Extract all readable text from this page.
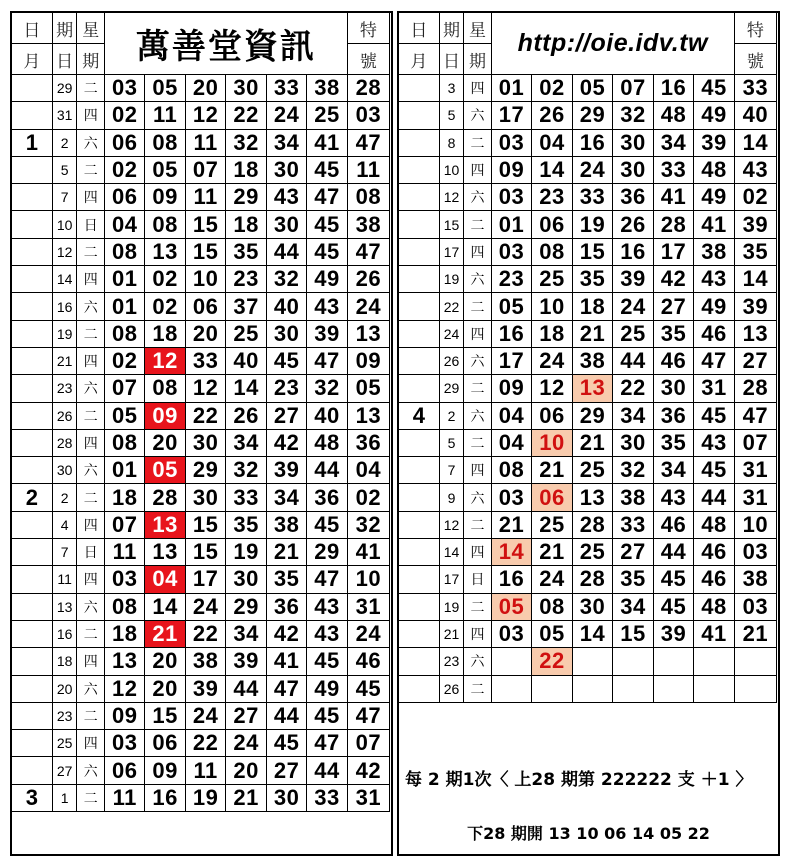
日	期	星	萬善堂資訊						特
月	日	期							號
	29	二	03	05	20	30	33	38	28
	31	四	02	11	12	22	24	25	03
1	2	六	06	08	11	32	34	41	47
	5	二	02	05	07	18	30	45	11
	7	四	06	09	11	29	43	47	08
	10	日	04	08	15	18	30	45	38
	12	二	08	13	15	35	44	45	47
	14	四	01	02	10	23	32	49	26
	16	六	01	02	06	37	40	43	24
	19	二	08	18	20	25	30	39	13
	21	四	02	12	33	40	45	47	09
	23	六	07	08	12	14	23	32	05
	26	二	05	09	22	26	27	40	13
	28	四	08	20	30	34	42	48	36
	30	六	01	05	29	32	39	44	04
2	2	二	18	28	30	33	34	36	02
	4	四	07	13	15	35	38	45	32
	7	日	11	13	15	19	21	29	41
	11	四	03	04	17	30	35	47	10
	13	六	08	14	24	29	36	43	31
	16	二	18	21	22	34	42	43	24
	18	四	13	20	38	39	41	45	46
	20	六	12	20	39	44	47	49	45
	23	二	09	15	24	27	44	45	47
	25	四	03	06	22	24	45	47	07
	27	六	06	09	11	20	27	44	42
3	1	二	11	16	19	21	30	33	31
日	期	星	http://oie.idv.tw						特
月	日	期							號
	3	四	01	02	05	07	16	45	33
	5	六	17	26	29	32	48	49	40
	8	二	03	04	16	30	34	39	14
	10	四	09	14	24	30	33	48	43
	12	六	03	23	33	36	41	49	02
	15	二	01	06	19	26	28	41	39
	17	四	03	08	15	16	17	38	35
	19	六	23	25	35	39	42	43	14
	22	二	05	10	18	24	27	49	39
	24	四	16	18	21	25	35	46	13
	26	六	17	24	38	44	46	47	27
	29	二	09	12	13	22	30	31	28
4	2	六	04	06	29	34	36	45	47
	5	二	04	10	21	30	35	43	07
	7	四	08	21	25	32	34	45	31
	9	六	03	06	13	38	43	44	31
	12	二	21	25	28	33	46	48	10
	14	四	14	21	25	27	44	46	03
	17	日	16	24	28	35	45	46	38
	19	二	05	08	30	34	45	48	03
	21	四	03	05	14	15	39	41	21
	23	六		22					
	26	二							
每 2 期1次〈 上28 期第 222222 支 ＋1 〉
下28 期開 13 10 06 14 05 22
